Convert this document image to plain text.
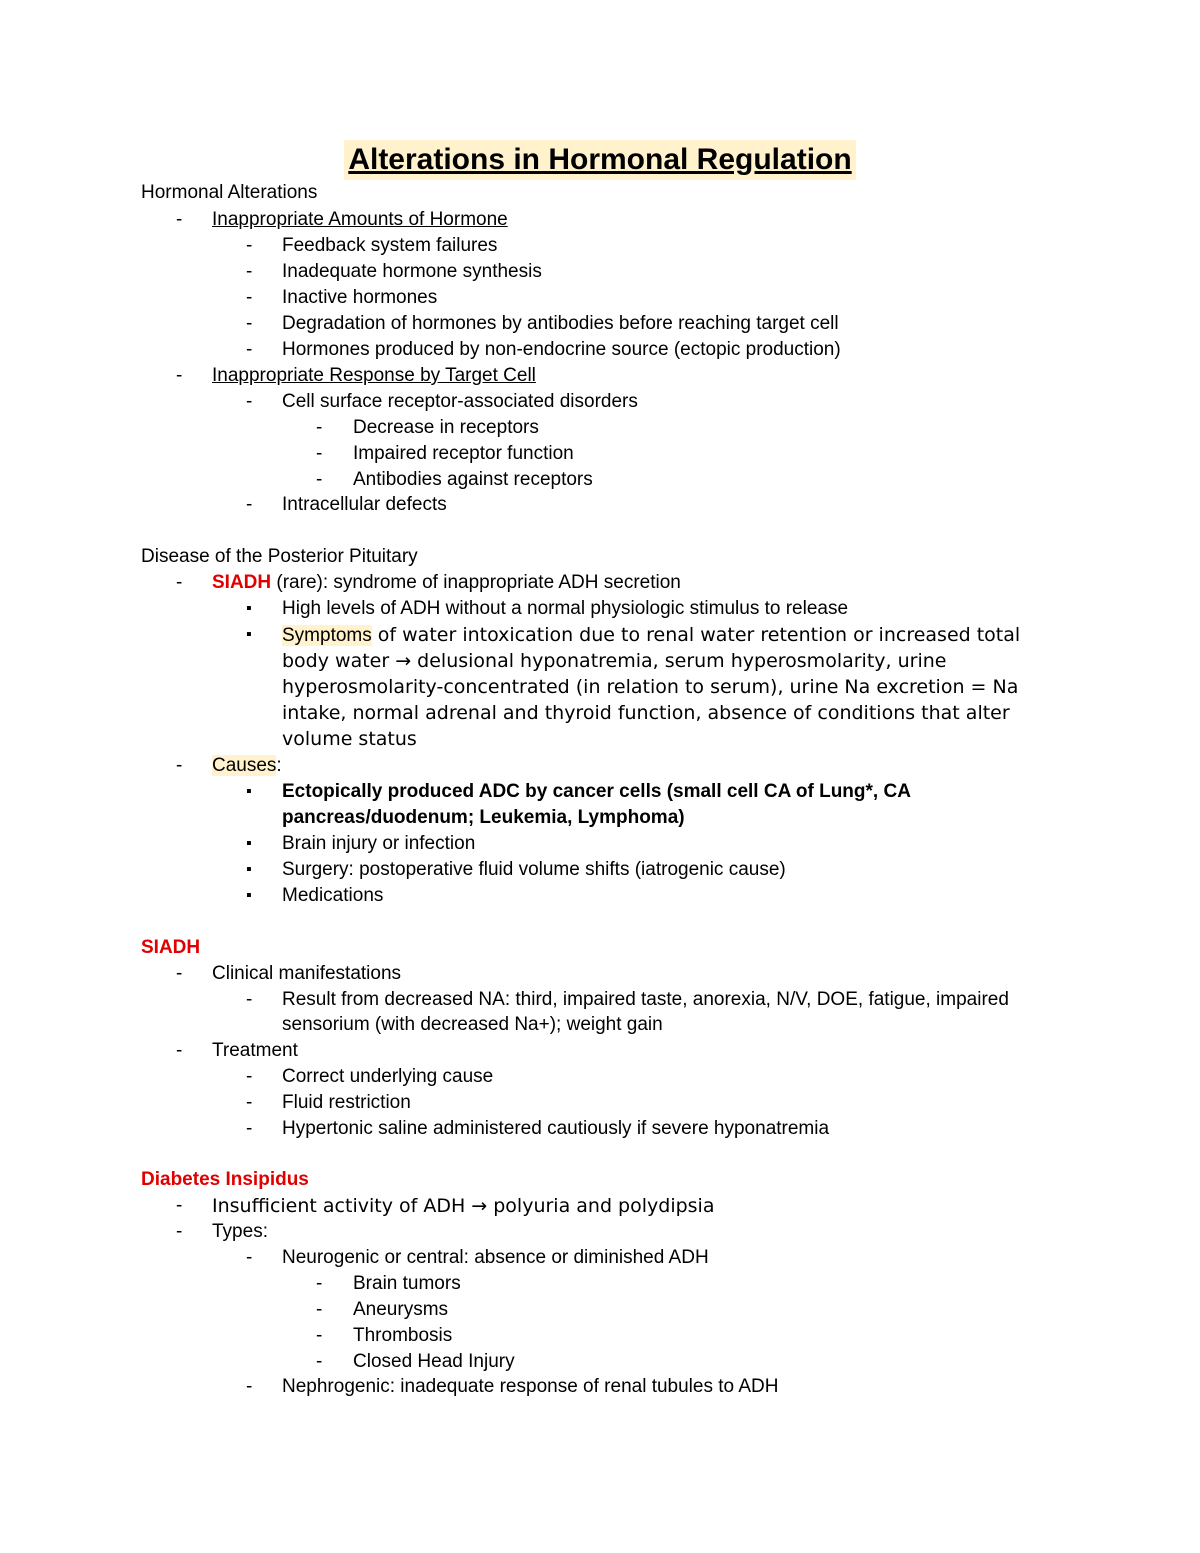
Alterations in Hormonal Regulation
Hormonal Alterations
- Inappropriate Amounts of Hormone
- Feedback system failures
- Inadequate hormone synthesis
- Inactive hormones
- Degradation of hormones by antibodies before reaching target cell
- Hormones produced by non-endocrine source (ectopic production)
- Inappropriate Response by Target Cell
- Cell surface receptor-associated disorders
- Decrease in receptors
- Impaired receptor function
- Antibodies against receptors
- Intracellular defects
Disease of the Posterior Pituitary
- SIADH (rare): syndrome of inappropriate ADH secretion
▪ High levels of ADH without a normal physiologic stimulus to release
▪ Symptoms of water intoxication due to renal water retention or increased total
body water → delusional hyponatremia, serum hyperosmolarity, urine
hyperosmolarity-concentrated (in relation to serum), urine Na excretion = Na
intake, normal adrenal and thyroid function, absence of conditions that alter
volume status
- Causes:
▪ Ectopically produced ADC by cancer cells (small cell CA of Lung*, CA
pancreas/duodenum; Leukemia, Lymphoma)
▪ Brain injury or infection
▪ Surgery: postoperative fluid volume shifts (iatrogenic cause)
▪ Medications
SIADH
- Clinical manifestations
- Result from decreased NA: third, impaired taste, anorexia, N/V, DOE, fatigue, impaired
sensorium (with decreased Na+); weight gain
- Treatment
- Correct underlying cause
- Fluid restriction
- Hypertonic saline administered cautiously if severe hyponatremia
Diabetes Insipidus
- Insufficient activity of ADH → polyuria and polydipsia
- Types:
- Neurogenic or central: absence or diminished ADH
- Brain tumors
- Aneurysms
- Thrombosis
- Closed Head Injury
- Nephrogenic: inadequate response of renal tubules to ADH
